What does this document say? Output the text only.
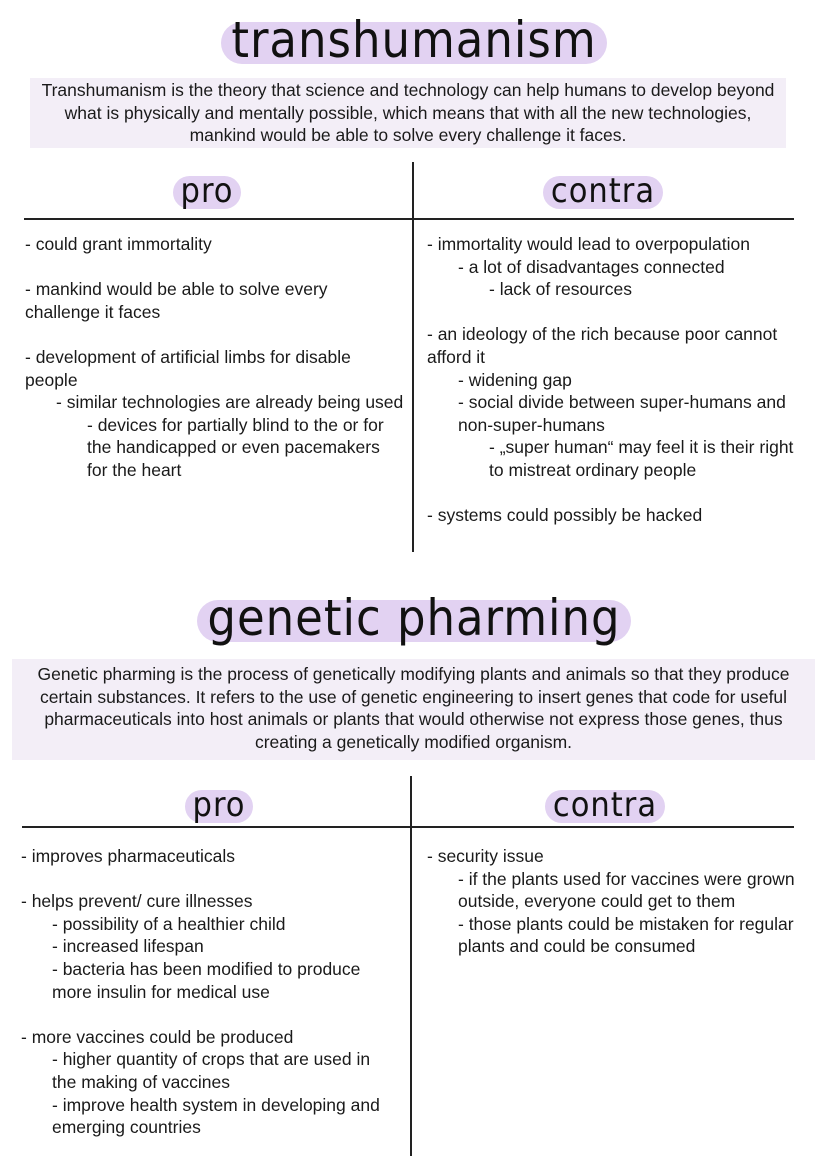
transhumanism
Transhumanism is the theory that science and technology can help humans to develop beyond what is physically and mentally possible, which means that with all the new technologies, mankind would be able to solve every challenge it faces.
pro	contra
- could grant immortality
- mankind would be able to solve every challenge it faces
- development of artificial limbs for disable people
- similar technologies are already being used
- devices for partially blind to the or for the handicapped or even pacemakers for the heart
- immortality would lead to overpopulation
- a lot of disadvantages connected
- lack of resources
- an ideology of the rich because poor cannot afford it
- widening gap
- social divide between super-humans and non-super-humans
- „super human“ may feel it is their right to mistreat ordinary people
- systems could possibly be hacked
genetic pharming
Genetic pharming is the process of genetically modifying plants and animals so that they produce certain substances. It refers to the use of genetic engineering to insert genes that code for useful pharmaceuticals into host animals or plants that would otherwise not express those genes, thus creating a genetically modified organism.
pro	contra
- improves pharmaceuticals
- helps prevent/ cure illnesses
- possibility of a healthier child
- increased lifespan
- bacteria has been modified to produce more insulin for medical use
- more vaccines could be produced
- higher quantity of crops that are used in the making of vaccines
- improve health system in developing and emerging countries
- security issue
- if the plants used for vaccines were grown outside, everyone could get to them
- those plants could be mistaken for regular plants and could be consumed
